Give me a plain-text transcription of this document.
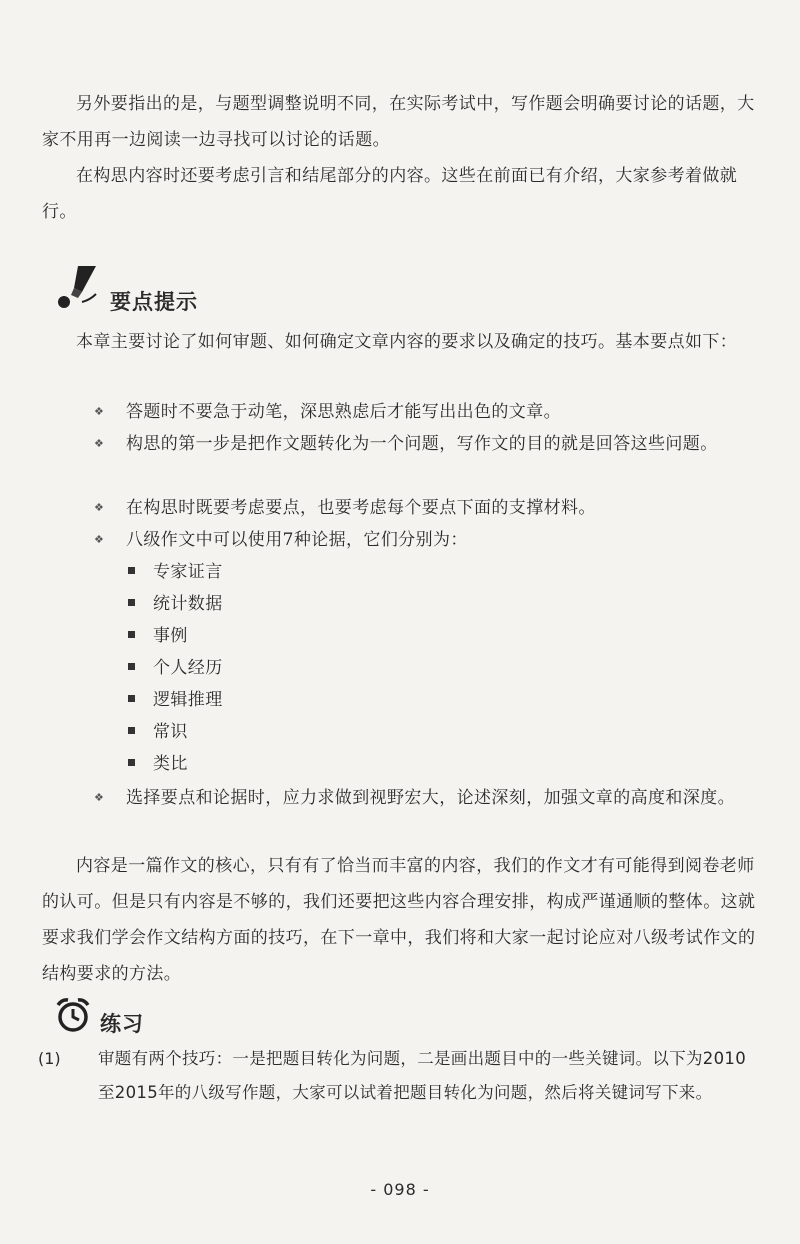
另外要指出的是，与题型调整说明不同，在实际考试中，写作题会明确要讨论的话题，大家不用再一边阅读一边寻找可以讨论的话题。

在构思内容时还要考虑引言和结尾部分的内容。这些在前面已有介绍，大家参考着做就行。

要点提示

本章主要讨论了如何审题、如何确定文章内容的要求以及确定的技巧。基本要点如下：

❖	答题时不要急于动笔，深思熟虑后才能写出出色的文章。
❖	构思的第一步是把作文题转化为一个问题，写作文的目的就是回答这些问题。
❖	在构思时既要考虑要点，也要考虑每个要点下面的支撑材料。
❖	八级作文中可以使用7种论据，它们分别为：
专家证言
统计数据
事例
个人经历
逻辑推理
常识
类比
❖	选择要点和论据时，应力求做到视野宏大，论述深刻，加强文章的高度和深度。

内容是一篇作文的核心，只有有了恰当而丰富的内容，我们的作文才有可能得到阅卷老师的认可。但是只有内容是不够的，我们还要把这些内容合理安排，构成严谨通顺的整体。这就要求我们学会作文结构方面的技巧，在下一章中，我们将和大家一起讨论应对八级考试作文的结构要求的方法。

练习
(1) 审题有两个技巧：一是把题目转化为问题，二是画出题目中的一些关键词。以下为2010至2015年的八级写作题，大家可以试着把题目转化为问题，然后将关键词写下来。

- 098 -
